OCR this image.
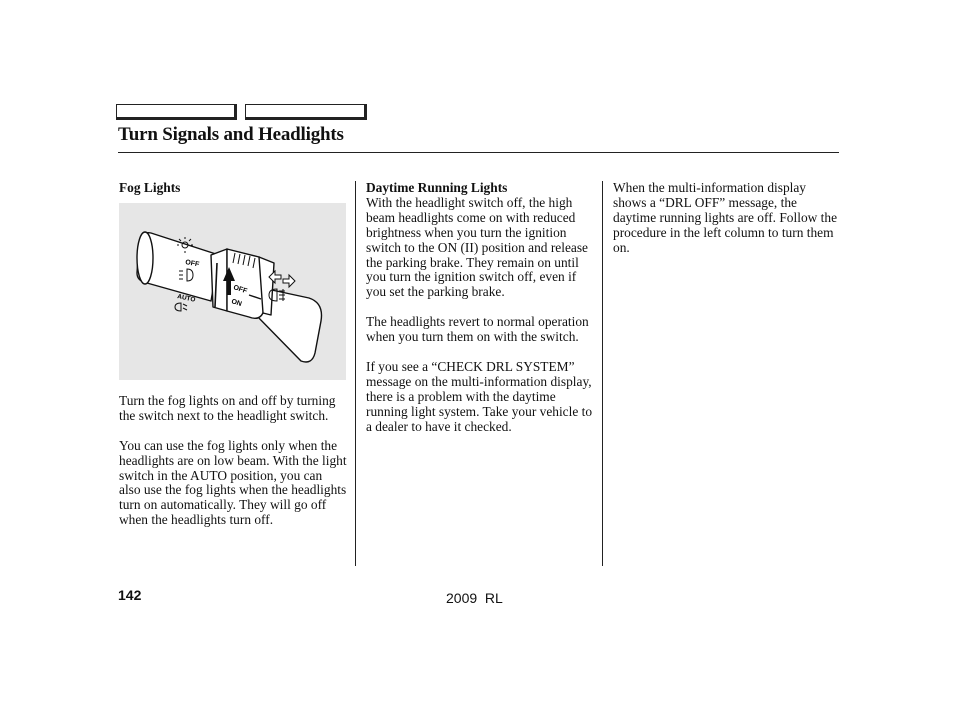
Turn Signals and Headlights
Fog Lights
OFF
AUTO
OFF
ON

Turn the fog lights on and off by turning the switch next to the headlight switch.

You can use the fog lights only when the headlights are on low beam. With the light switch in the AUTO position, you can also use the fog lights when the headlights turn on automatically. They will go off when the headlights turn off.

Daytime Running Lights

With the headlight switch off, the high beam headlights come on with reduced brightness when you turn the ignition switch to the ON (II) position and release the parking brake. They remain on until you turn the ignition switch off, even if you set the parking brake.

The headlights revert to normal operation when you turn them on with the switch.

If you see a “CHECK DRL SYSTEM” message on the multi-information display, there is a problem with the daytime running light system. Take your vehicle to a dealer to have it checked.

When the multi-information display shows a “DRL OFF” message, the daytime running lights are off. Follow the procedure in the left column to turn them on.

142	2009  RL
